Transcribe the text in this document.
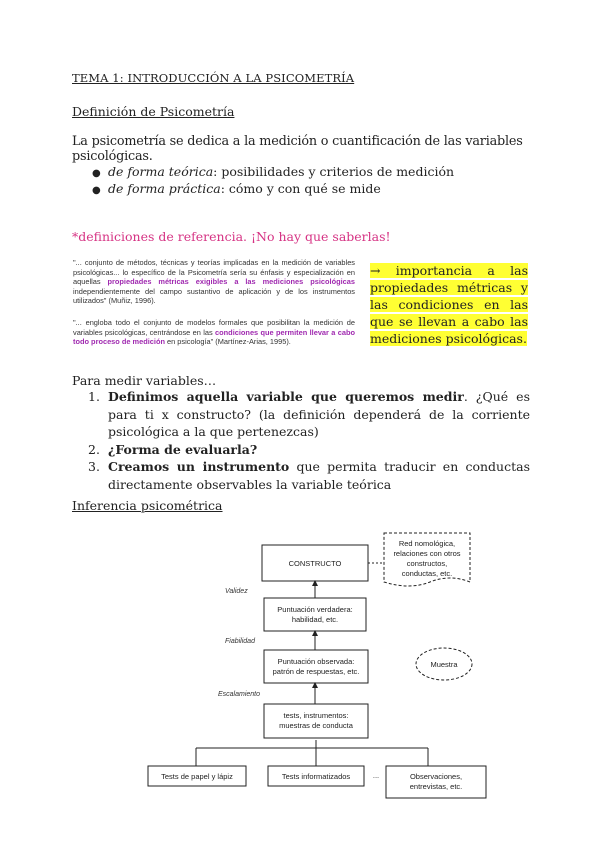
TEMA 1: INTRODUCCIÓN A LA PSICOMETRÍA
Definición de Psicometría
La psicometría se dedica a la medición o cuantificación de las variables psicológicas.
● de forma teórica: posibilidades y criterios de medición
● de forma práctica: cómo y con qué se mide
*definiciones de referencia. ¡No hay que saberlas!
"... conjunto de métodos, técnicas y teorías implicadas en la medición de variables psicológicas... lo específico de la Psicometría sería su énfasis y especialización en aquellas propiedades métricas exigibles a las mediciones psicológicas independientemente del campo sustantivo de aplicación y de los instrumentos utilizados" (Muñiz, 1996).
"... engloba todo el conjunto de modelos formales que posibilitan la medición de variables psicológicas, centrándose en las condiciones que permiten llevar a cabo todo proceso de medición en psicología" (Martínez-Arias, 1995).
→ importancia a las propiedades métricas y las condiciones en las que se llevan a cabo las mediciones psicológicas.
Para medir variables…
1. Definimos aquella variable que queremos medir. ¿Qué es para ti x constructo? (la definición dependerá de la corriente psicológica a la que pertenezcas)
2. ¿Forma de evaluarla?
3. Creamos un instrumento que permita traducir en conductas directamente observables la variable teórica
Inferencia psicométrica
CONSTRUCTO
Red nomológica,
relaciones con otros
constructos,
conductas, etc.
Validez
Puntuación verdadera:
habilidad, etc.
Fiabilidad
Puntuación observada:
patrón de respuestas, etc.
Muestra
Escalamiento
tests, instrumentos:
muestras de conducta
Tests de papel y lápiz	Tests informatizados	...	Observaciones,
entrevistas, etc.
